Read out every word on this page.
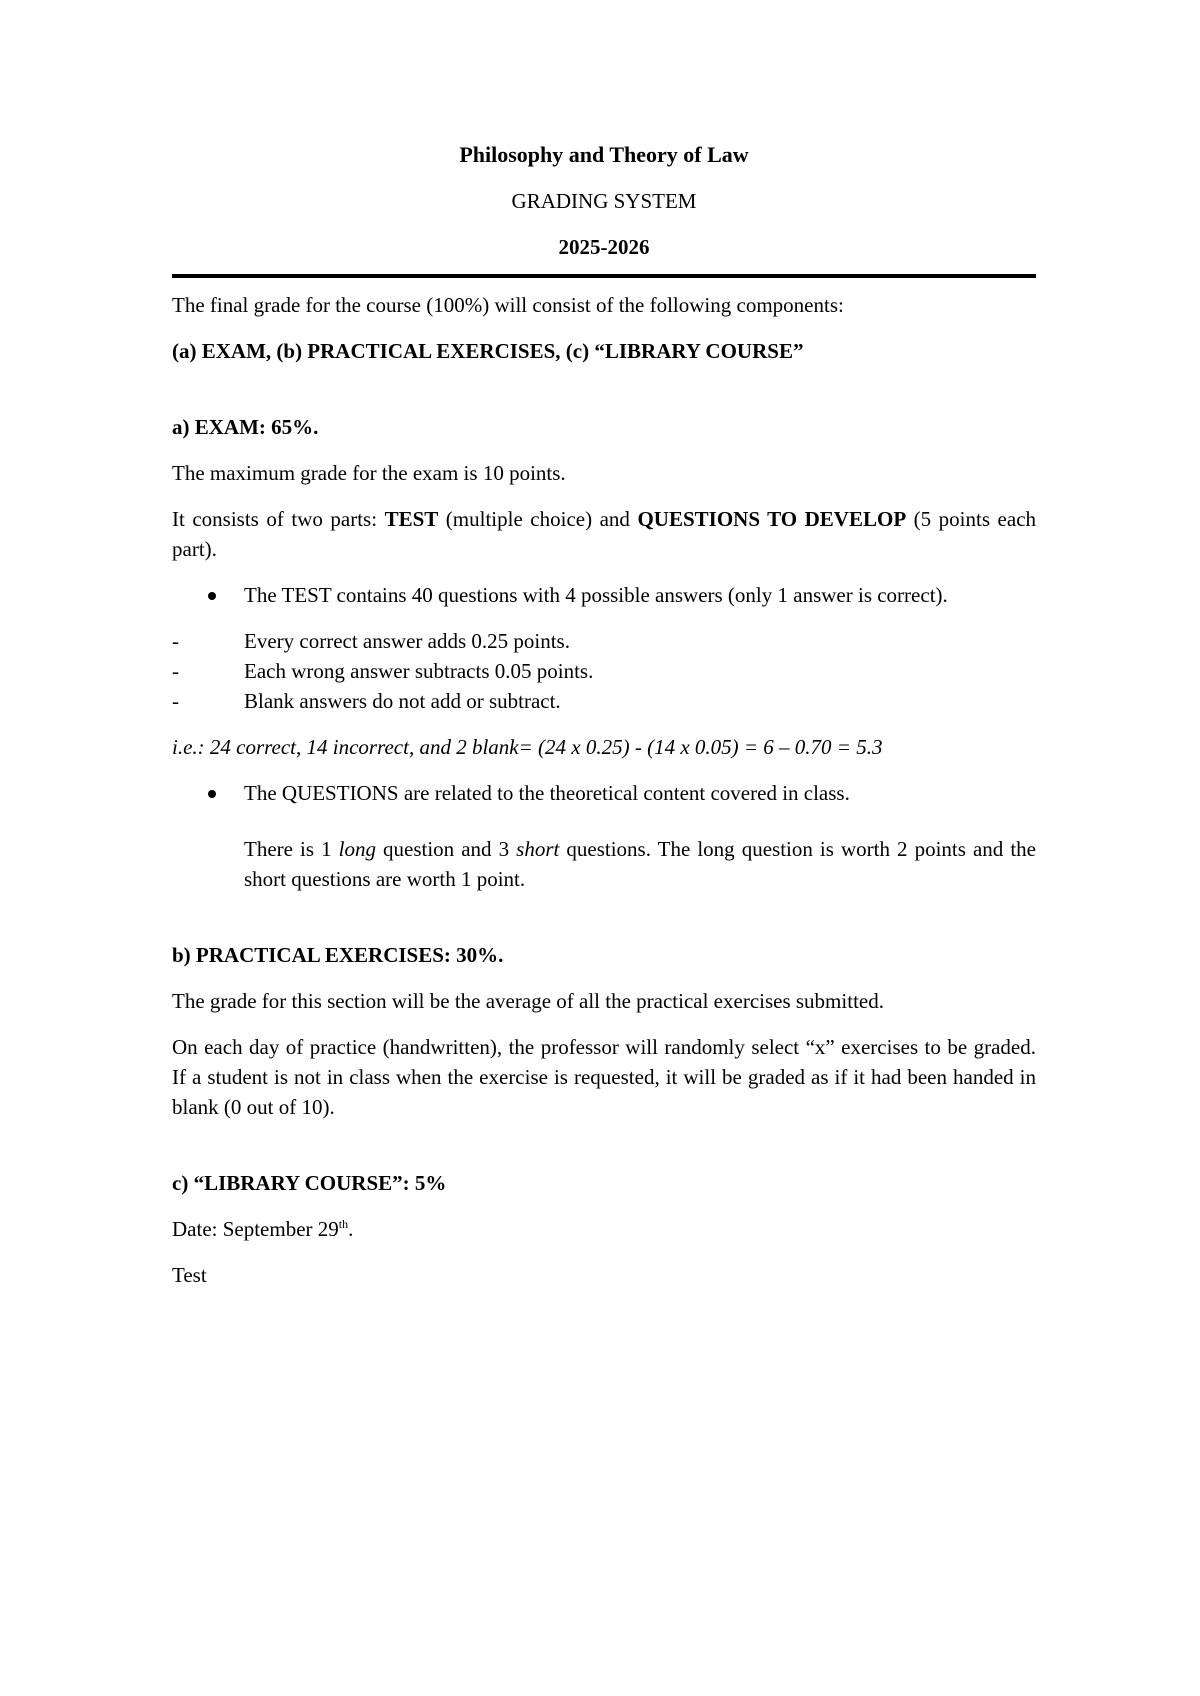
Philosophy and Theory of Law
GRADING SYSTEM
2025-2026

The final grade for the course (100%) will consist of the following components:

(a) EXAM, (b) PRACTICAL EXERCISES, (c) “LIBRARY COURSE”

a) EXAM: 65%.

The maximum grade for the exam is 10 points.

It consists of two parts: TEST (multiple choice) and QUESTIONS TO DEVELOP (5 points each part).

The TEST contains 40 questions with 4 possible answers (only 1 answer is correct).
-	Every correct answer adds 0.25 points.
-	Each wrong answer subtracts 0.05 points.
-	Blank answers do not add or subtract.

i.e.: 24 correct, 14 incorrect, and 2 blank= (24 x 0.25) - (14 x 0.05) = 6 – 0.70 = 5.3

The QUESTIONS are related to the theoretical content covered in class.

There is 1 long question and 3 short questions. The long question is worth 2 points and the short questions are worth 1 point.

b) PRACTICAL EXERCISES: 30%.

The grade for this section will be the average of all the practical exercises submitted.

On each day of practice (handwritten), the professor will randomly select “x” exercises to be graded. If a student is not in class when the exercise is requested, it will be graded as if it had been handed in blank (0 out of 10).

c) “LIBRARY COURSE”: 5%

Date: September 29th.

Test
